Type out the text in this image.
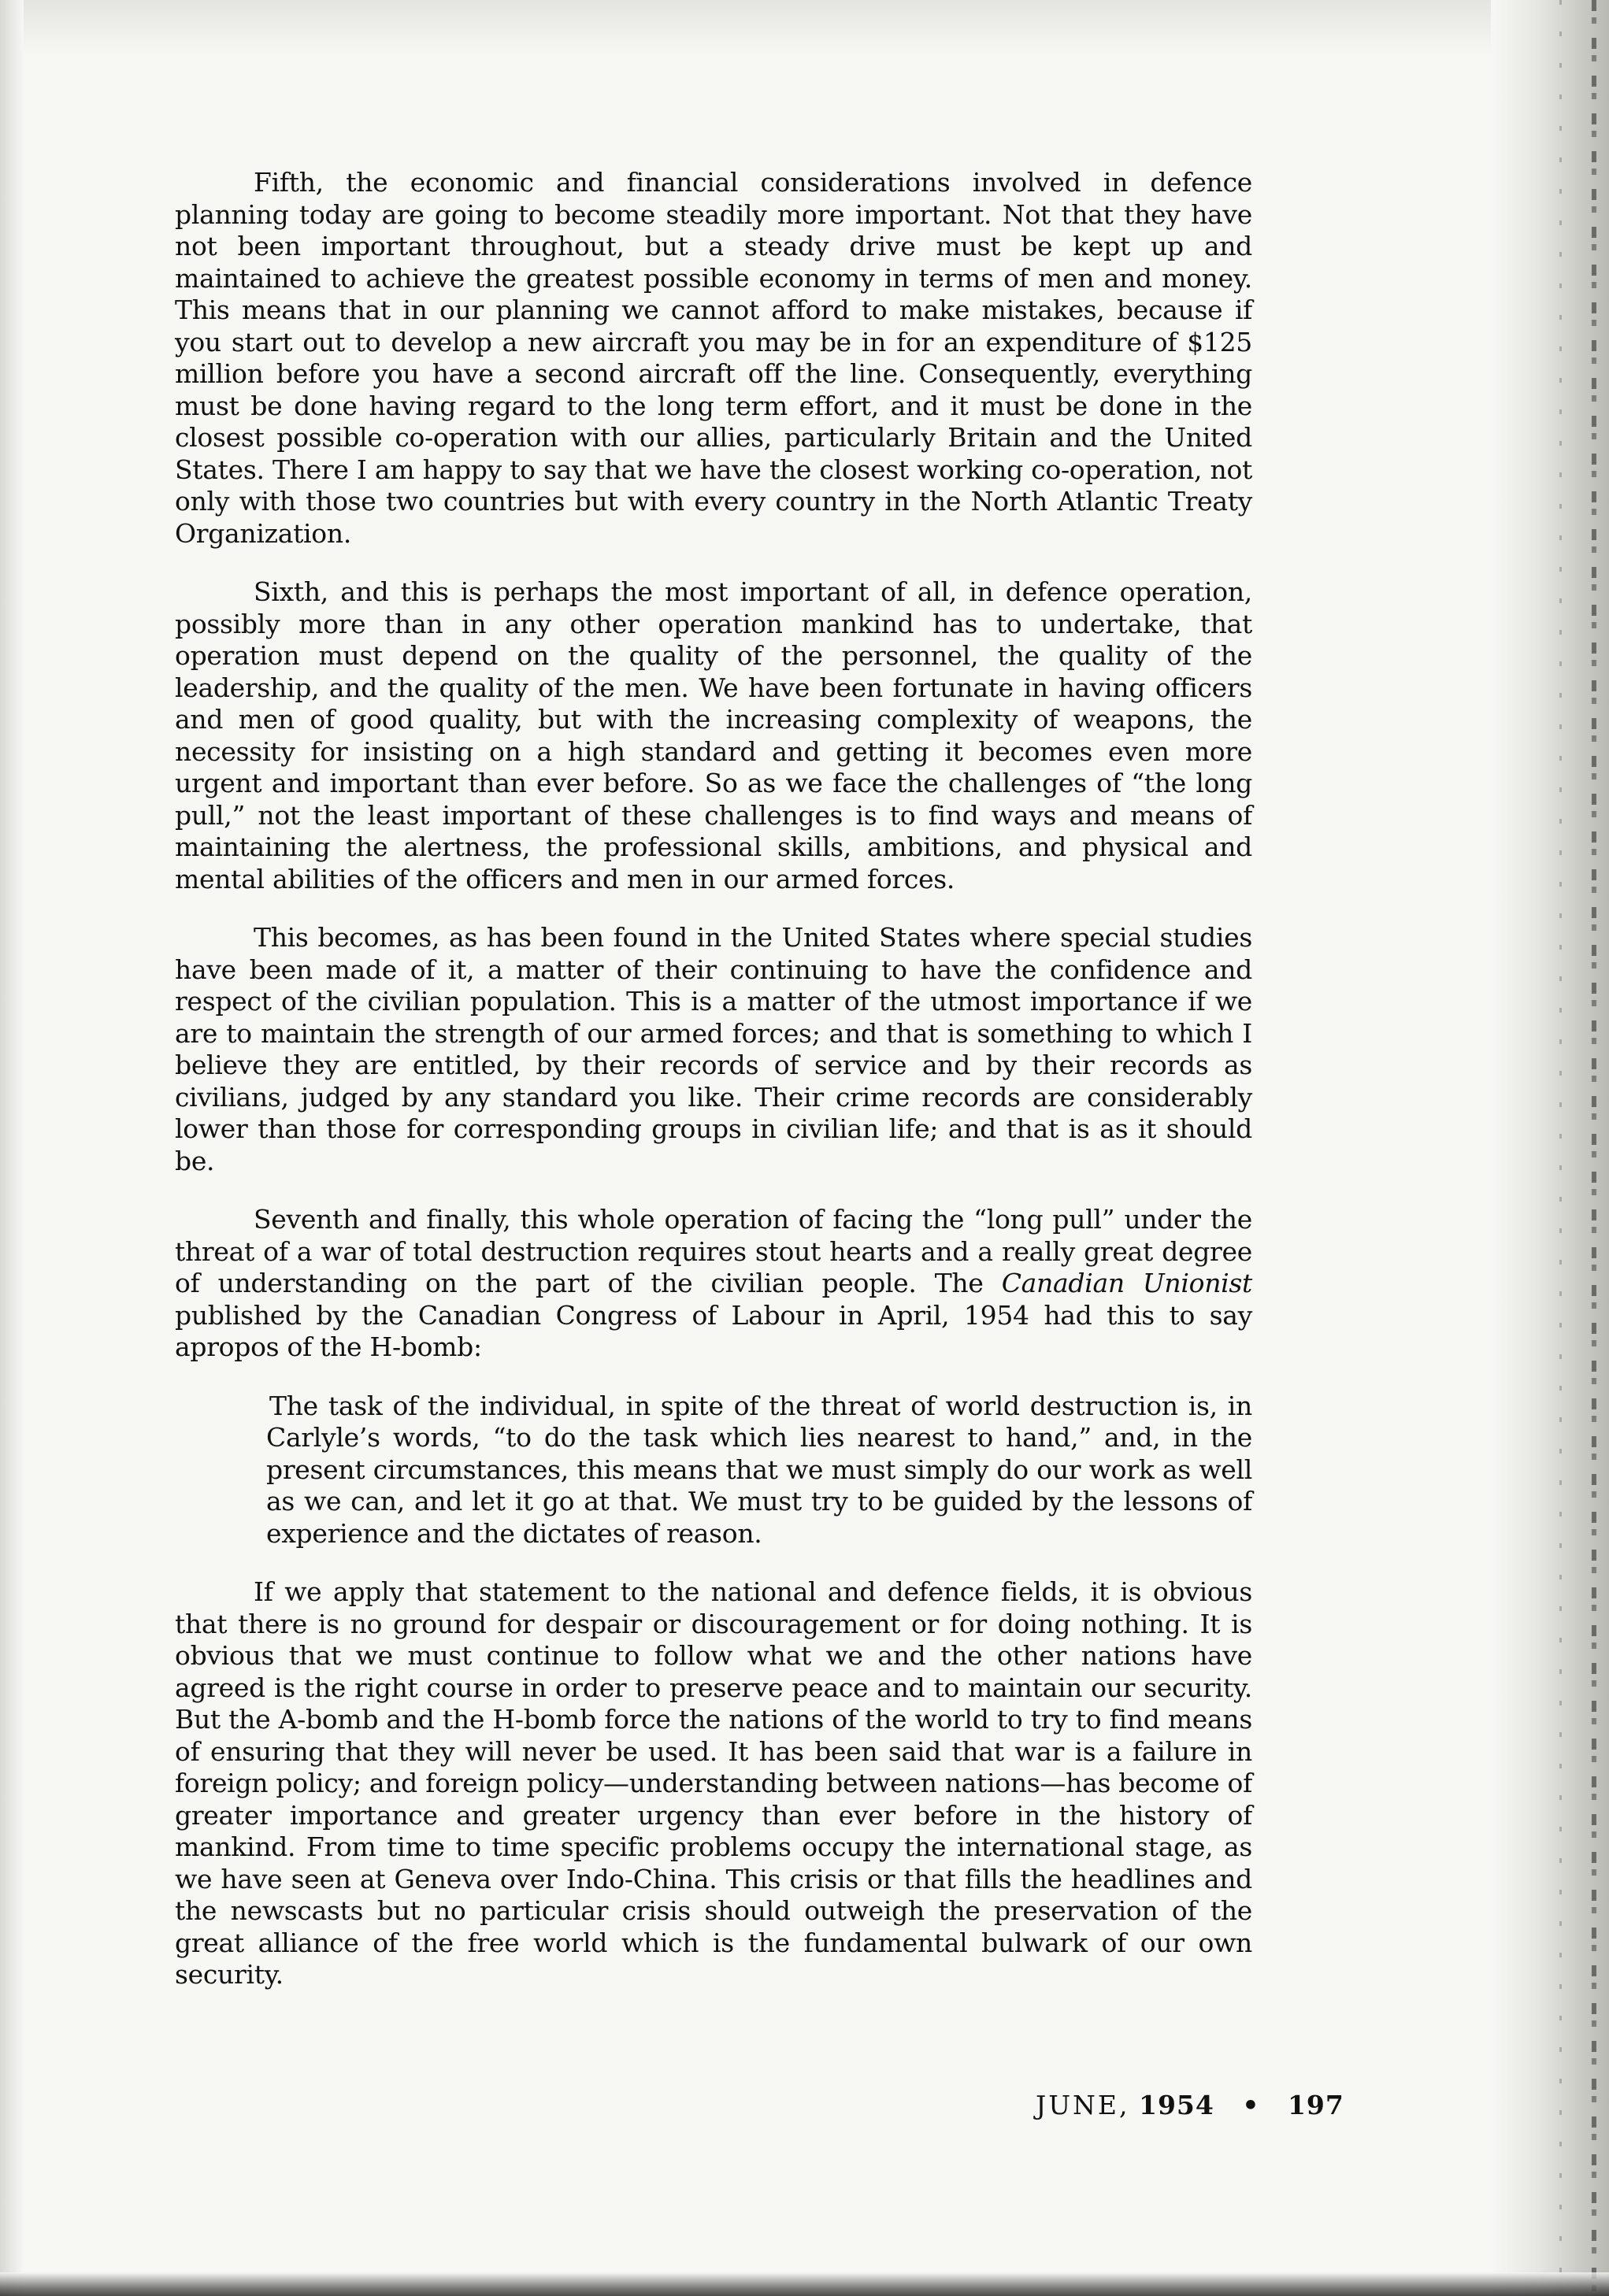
Fifth, the economic and financial considerations involved in defence planning today are going to become steadily more important. Not that they have not been important throughout, but a steady drive must be kept up and maintained to achieve the greatest possible economy in terms of men and money. This means that in our planning we cannot afford to make mistakes, because if you start out to develop a new aircraft you may be in for an expenditure of $125 million before you have a second aircraft off the line. Consequently, everything must be done having regard to the long term effort, and it must be done in the closest possible co-operation with our allies, particularly Britain and the United States. There I am happy to say that we have the closest working co-operation, not only with those two countries but with every country in the North Atlantic Treaty Organization.

Sixth, and this is perhaps the most important of all, in defence operation, possibly more than in any other operation mankind has to undertake, that operation must depend on the quality of the personnel, the quality of the leadership, and the quality of the men. We have been fortunate in having officers and men of good quality, but with the increasing complexity of weapons, the necessity for insisting on a high standard and getting it becomes even more urgent and important than ever before. So as we face the challenges of “the long pull,” not the least important of these challenges is to find ways and means of maintaining the alertness, the professional skills, ambitions, and physical and mental abilities of the officers and men in our armed forces.

This becomes, as has been found in the United States where special studies have been made of it, a matter of their continuing to have the confidence and respect of the civilian population. This is a matter of the utmost importance if we are to maintain the strength of our armed forces; and that is something to which I believe they are entitled, by their records of service and by their records as civilians, judged by any standard you like. Their crime records are considerably lower than those for corresponding groups in civilian life; and that is as it should be.

Seventh and finally, this whole operation of facing the “long pull” under the threat of a war of total destruction requires stout hearts and a really great degree of understanding on the part of the civilian people. The Canadian Unionist published by the Canadian Congress of Labour in April, 1954 had this to say apropos of the H-bomb:

The task of the individual, in spite of the threat of world destruction is, in Carlyle’s words, “to do the task which lies nearest to hand,” and, in the present circumstances, this means that we must simply do our work as well as we can, and let it go at that. We must try to be guided by the lessons of experience and the dictates of reason.

If we apply that statement to the national and defence fields, it is obvious that there is no ground for despair or discouragement or for doing nothing. It is obvious that we must continue to follow what we and the other nations have agreed is the right course in order to preserve peace and to maintain our security. But the A-bomb and the H-bomb force the nations of the world to try to find means of ensuring that they will never be used. It has been said that war is a failure in foreign policy; and foreign policy—understanding between nations—has become of greater importance and greater urgency than ever before in the history of mankind. From time to time specific problems occupy the international stage, as we have seen at Geneva over Indo-China. This crisis or that fills the headlines and the newscasts but no particular crisis should outweigh the preservation of the great alliance of the free world which is the fundamental bulwark of our own security.

JUNE, 1954 • 197
